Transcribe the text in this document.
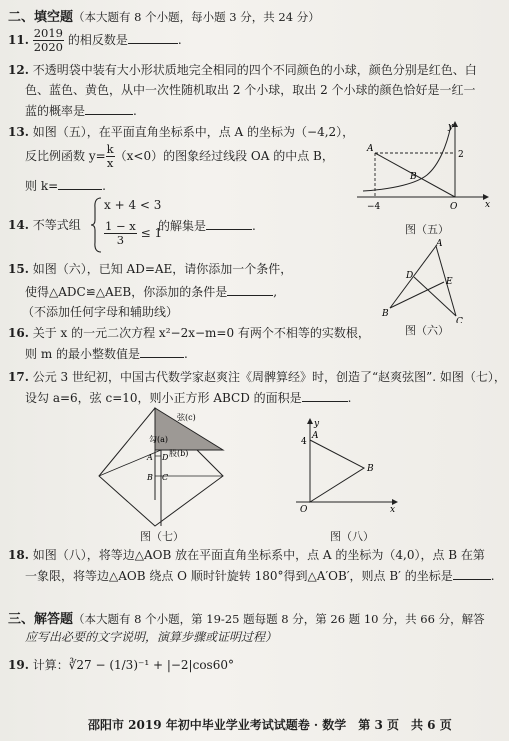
二、填空题（本大题有 8 个小题，每小题 3 分，共 24 分）
11. $\frac{2019}{2020}$ 的相反数是	.
12. 不透明袋中装有大小形状质地完全相同的四个不同颜色的小球，颜色分别是红色、白
色、蓝色、黄色，从中一次性随机取出 2 个小球，取出 2 个小球的颜色恰好是一红一
蓝的概率是	.
13. 如图（五），在平面直角坐标系中，点 A 的坐标为（−4,2），
反比例函数 $y= \frac{k}{x} (x<0)$的图象经过线段 OA 的中点 B，
则 k=	.
y
x
A
B
O
2
−4
图（五）
14. 不等式组
x + 4 < 3
$\frac{1 - x}{3} \le 1$
的解集是	.
15. 如图（六），已知 AD=AE，请你添加一个条件，
使得△ADC≌△AEB，你添加的条件是	,
（不添加任何字母和辅助线）
A
B
C
D
E
图（六）
16. 关于 x 的一元二次方程 x²−2x−m=0 有两个不相等的实数根，
则 m 的最小整数值是	.
17. 公元 3 世纪初，中国古代数学家赵爽注《周髀算经》时，创造了“赵爽弦图”. 如图（七），
设勾 a=6，弦 c=10，则小正方形 ABCD 的面积是	.
弦(c)
勾(a)
股(b)
A D
B C
图（七）
y
x
A
B
O
4
图（八）
18. 如图（八），将等边△AOB 放在平面直角坐标系中，点 A 的坐标为（4,0），点 B 在第
一象限，将等边△AOB 绕点 O 顺时针旋转 180°得到△A′OB′，则点 B′ 的坐标是	.
三、解答题（本大题有 8 个小题，第 19-25 题每题 8 分，第 26 题 10 分，共 66 分，解答
应写出必要的文字说明，演算步骤或证明过程）
19. 计算：∛27 − (1/3)⁻¹ + |−2|cos60°
邵阳市 2019 年初中毕业学业考试试题卷 · 数学　第 3 页　共 6 页
